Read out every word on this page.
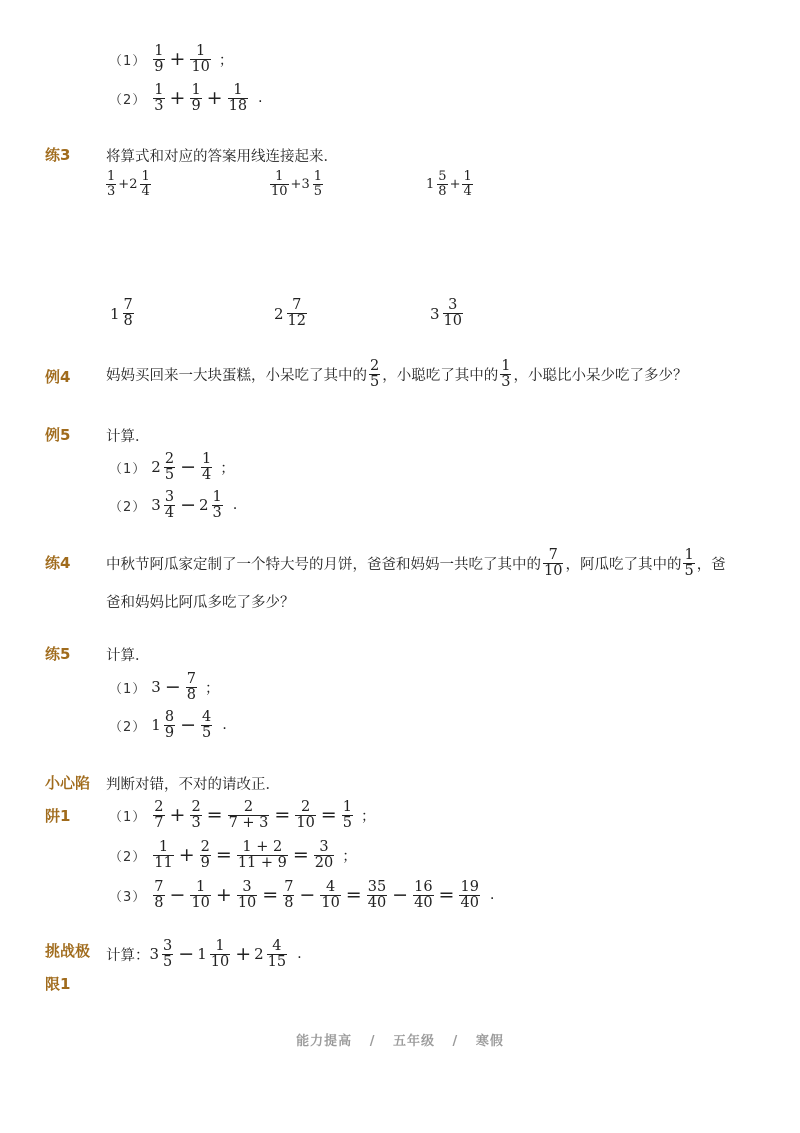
$(1) \frac{1}{9} + \frac{1}{10}$ ；
$(2) \frac{1}{3} + \frac{1}{9} + \frac{1}{18}$ .
练3 将算式和对应的答案用线连接起来．
$\frac{1}{3} + 2 \frac{1}{4}$	$\frac{1}{10} + 3 \frac{1}{5}$	$1 \frac{5}{8} + \frac{1}{4}$
$1 \frac{7}{8}$	$2 \frac{7}{12}$	$3 \frac{3}{10}$
例4 妈妈买回来一大块蛋糕，小呆吃了其中的 $\frac{2}{5}$ ，小聪吃了其中的 $\frac{1}{3}$ ，小聪比小呆少吃了多少？
例5 计算．
（1） $2 \frac{2}{5} - \frac{1}{4}$ ；
（2） $3 \frac{3}{4} - 2 \frac{1}{3}$ .
练4 中秋节阿瓜家定制了一个特大号的月饼，爸爸和妈妈一共吃了其中的 $\frac{7}{10}$ ，阿瓜吃了其中的 $\frac{1}{5}$ ，爸
爸和妈妈比阿瓜多吃了多少？
练5 计算．
（1） $3 - \frac{7}{8}$ ；
（2） $1 \frac{8}{9} - \frac{4}{5}$ .
小心陷
阱1
判断对错，不对的请改正．
$(1) \frac{2}{7} + \frac{2}{3} = \frac{2}{7 + 3} = \frac{2}{10} = \frac{1}{5}$ ；
$(2) \frac{1}{11} + \frac{2}{9} = \frac{1 + 2}{11 + 9} = \frac{3}{20}$ ；
$(3) \frac{7}{8} - \frac{1}{10} + \frac{3}{10} = \frac{7}{8} - \frac{4}{10} = \frac{35}{40} - \frac{16}{40} = \frac{19}{40}$ .
挑战极
限1
计算： $3 \frac{3}{5} - 1 \frac{1}{10} + 2 \frac{4}{15}$ .
能力提高 / 五年级 / 寒假
